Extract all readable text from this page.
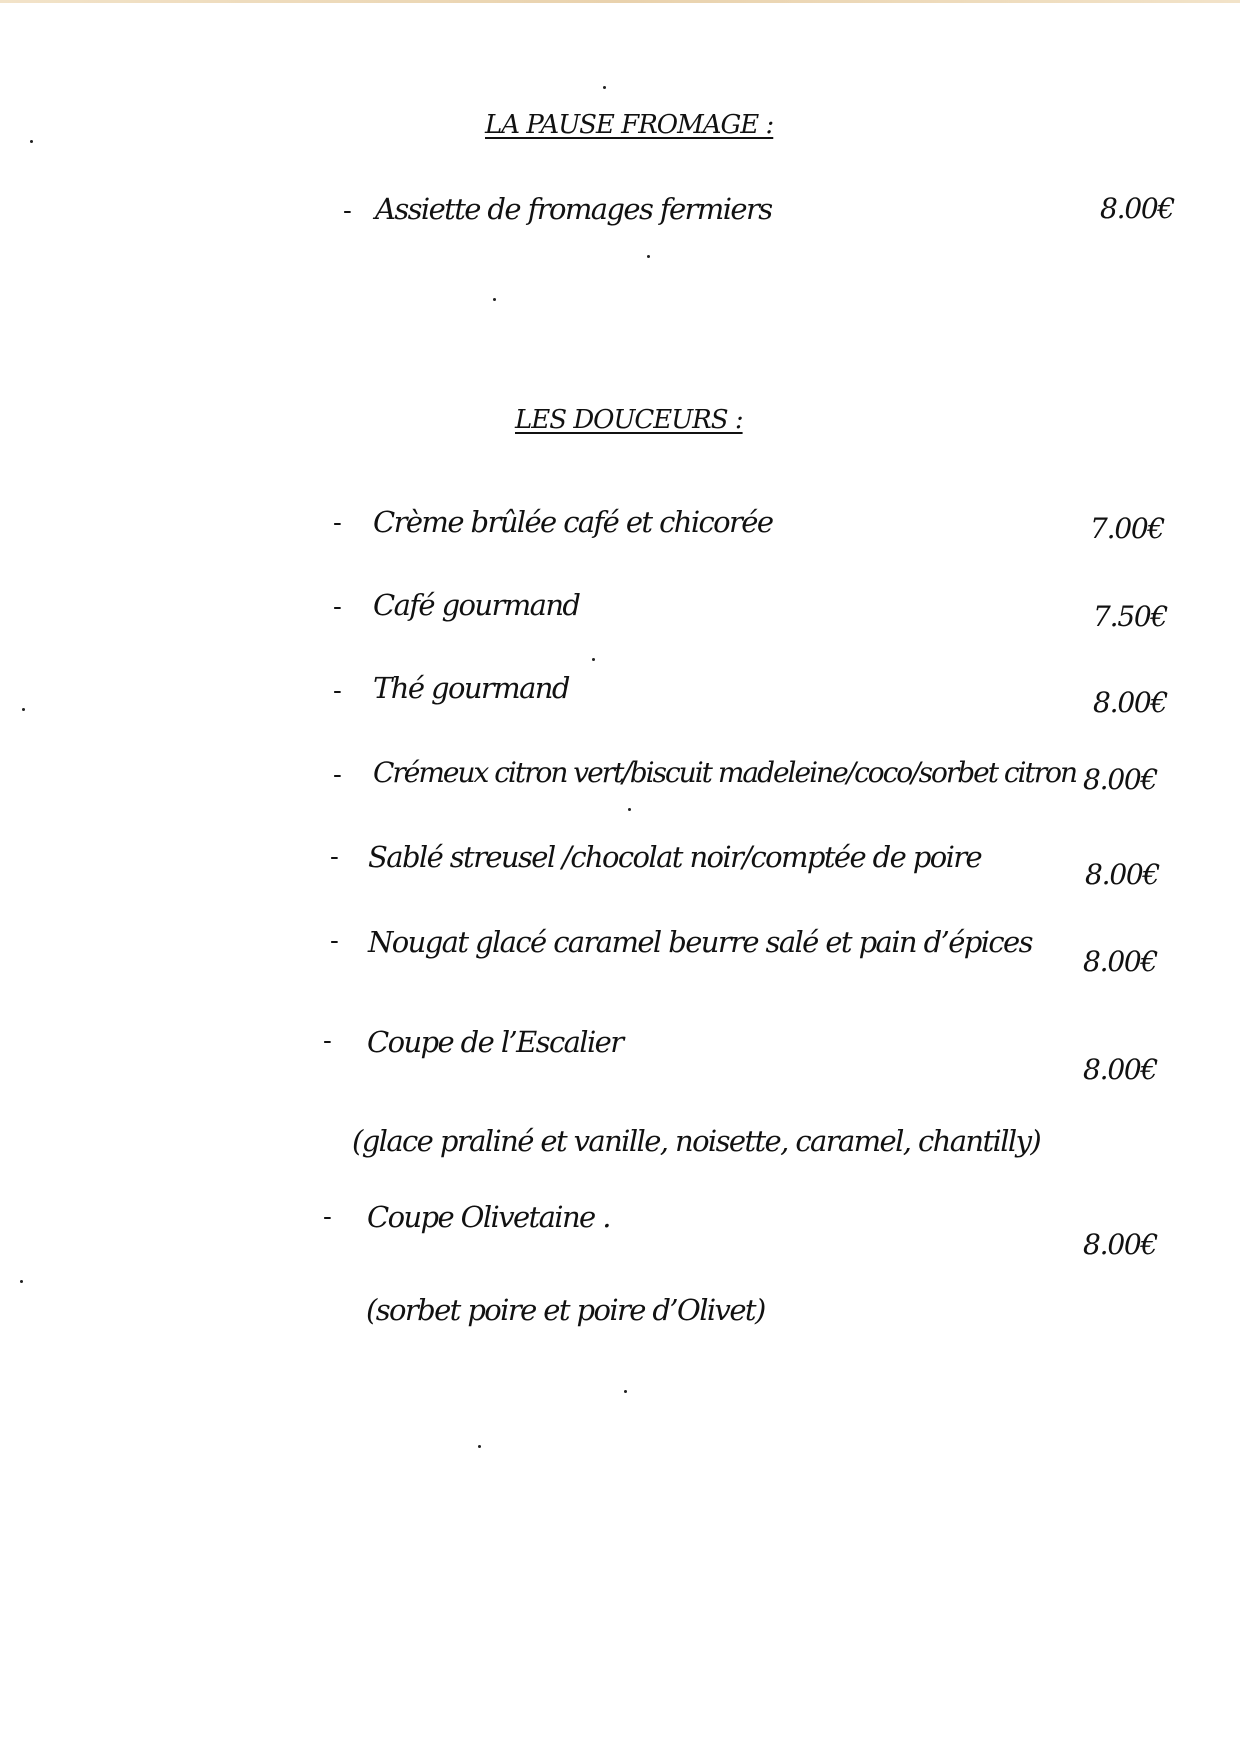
LA PAUSE FROMAGE :
- Assiette de fromages fermiers	8.00€
LES DOUCEURS :
- Crème brûlée café et chicorée	7.00€
- Café gourmand	7.50€
- Thé gourmand	8.00€
- Crémeux citron vert/biscuit madeleine/coco/sorbet citron 8.00€
- Sablé streusel /chocolat noir/comptée de poire
8.00€
- Nougat glacé caramel beurre salé et pain d’épices
8.00€
- Coupe de l’Escalier
8.00€
(glace praliné et vanille, noisette, caramel, chantilly)
- Coupe Olivetaine .
8.00€
(sorbet poire et poire d’Olivet)
